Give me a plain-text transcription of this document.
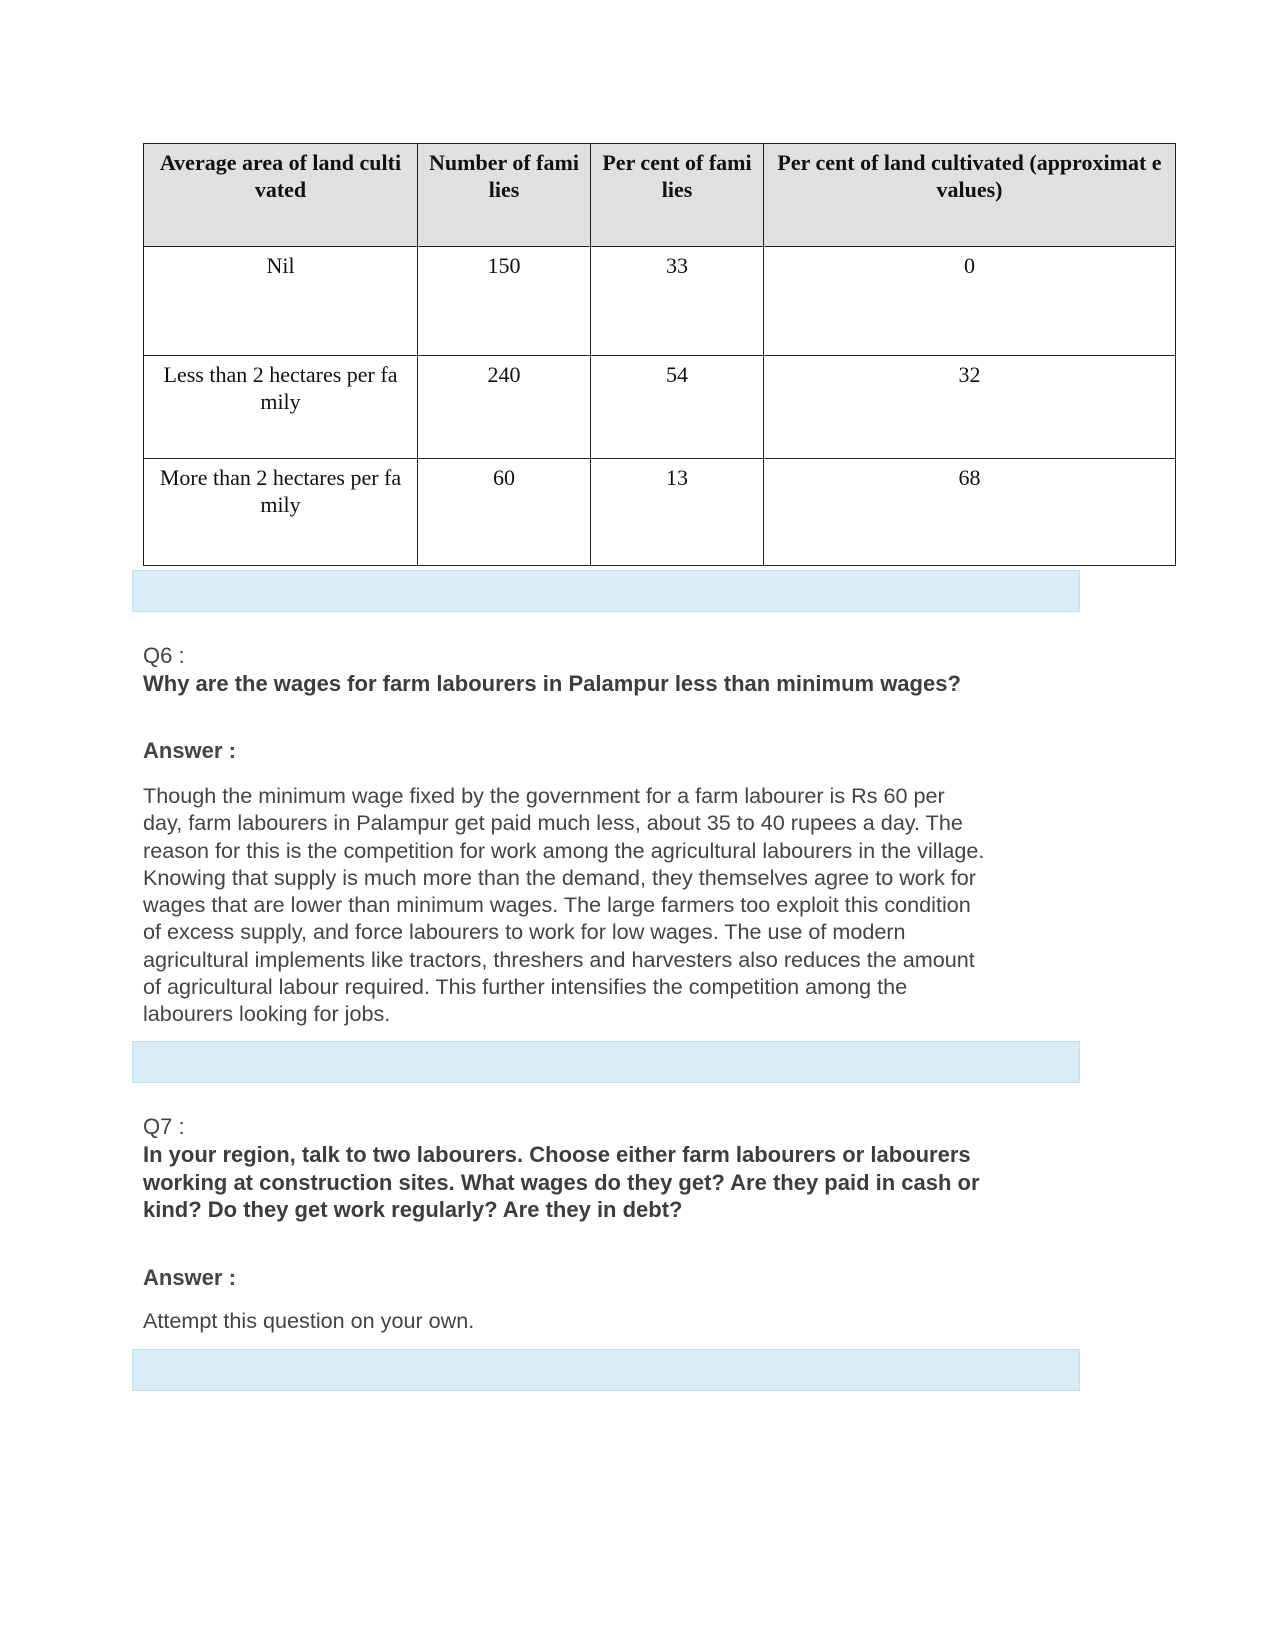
Average area of land culti vated	Number of fami lies	Per cent of fami lies	Per cent of land cultivated (approximat e values)
Nil	150	33	0
Less than 2 hectares per fa mily	240	54	32
More than 2 hectares per fa mily	60	13	68
Q6 :
Why are the wages for farm labourers in Palampur less than minimum wages?
Answer :
Though the minimum wage fixed by the government for a farm labourer is Rs 60 per
day, farm labourers in Palampur get paid much less, about 35 to 40 rupees a day. The
reason for this is the competition for work among the agricultural labourers in the village.
Knowing that supply is much more than the demand, they themselves agree to work for
wages that are lower than minimum wages. The large farmers too exploit this condition
of excess supply, and force labourers to work for low wages. The use of modern
agricultural implements like tractors, threshers and harvesters also reduces the amount
of agricultural labour required. This further intensifies the competition among the
labourers looking for jobs.
Q7 :
In your region, talk to two labourers. Choose either farm labourers or labourers
working at construction sites. What wages do they get? Are they paid in cash or
kind? Do they get work regularly? Are they in debt?
Answer :
Attempt this question on your own.
